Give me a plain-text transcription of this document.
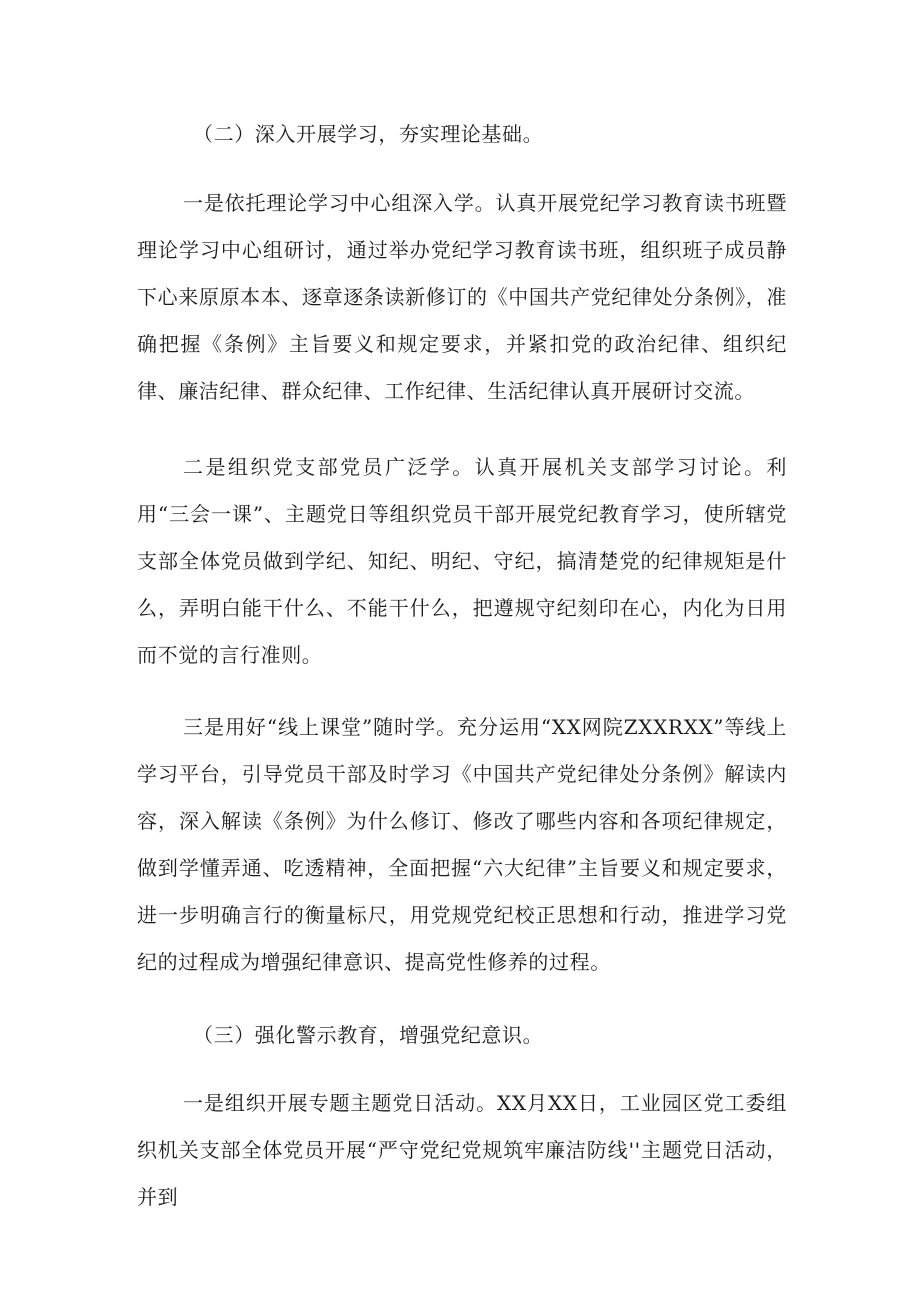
（二）深入开展学习，夯实理论基础。

一是依托理论学习中心组深入学。认真开展党纪学习教育读书班暨理论学习中心组研讨，通过举办党纪学习教育读书班，组织班子成员静下心来原原本本、逐章逐条读新修订的《中国共产党纪律处分条例》，准确把握《条例》主旨要义和规定要求，并紧扣党的政治纪律、组织纪律、廉洁纪律、群众纪律、工作纪律、生活纪律认真开展研讨交流。

二是组织党支部党员广泛学。认真开展机关支部学习讨论。利用“三会一课”、主题党日等组织党员干部开展党纪教育学习，使所辖党支部全体党员做到学纪、知纪、明纪、守纪，搞清楚党的纪律规矩是什么，弄明白能干什么、不能干什么，把遵规守纪刻印在心，内化为日用而不觉的言行准则。

三是用好“线上课堂”随时学。充分运用“XX网院ZXXRXX”等线上学习平台，引导党员干部及时学习《中国共产党纪律处分条例》解读内容，深入解读《条例》为什么修订、修改了哪些内容和各项纪律规定，做到学懂弄通、吃透精神，全面把握“六大纪律”主旨要义和规定要求，进一步明确言行的衡量标尺，用党规党纪校正思想和行动，推进学习党纪的过程成为增强纪律意识、提高党性修养的过程。

（三）强化警示教育，增强党纪意识。

一是组织开展专题主题党日活动。XX月XX日，工业园区党工委组织机关支部全体党员开展“严守党纪党规筑牢廉洁防线''主题党日活动，并到
